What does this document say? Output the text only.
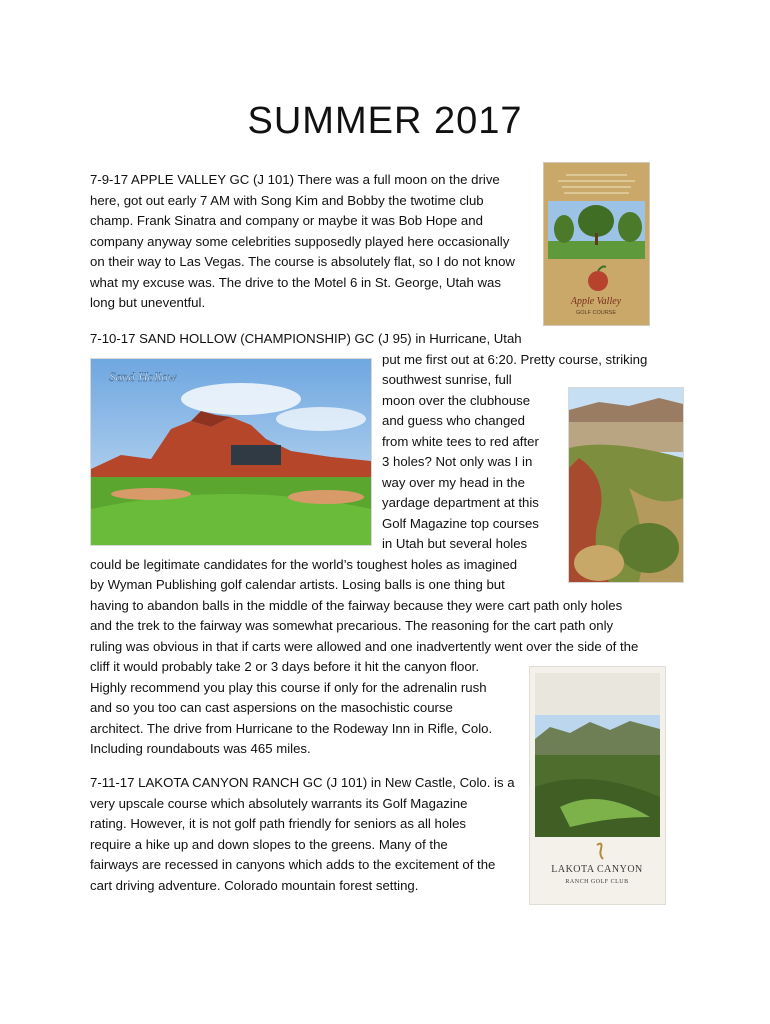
SUMMER 2017
7-9-17 APPLE VALLEY GC (J 101) There was a full moon on the drive
here, got out early 7 AM with Song Kim and Bobby the twotime club
champ. Frank Sinatra and company or maybe it was Bob Hope and
company anyway some celebrities supposedly played here occasionally
on their way to Las Vegas. The course is absolutely flat, so I do not know
what my excuse was. The drive to the Motel 6 in St. George, Utah was
long but uneventful.
7-10-17 SAND HOLLOW (CHAMPIONSHIP) GC (J 95) in Hurricane, Utah
put me first out at 6:20. Pretty course, striking
southwest sunrise, full
moon over the clubhouse
and guess who changed
from white tees to red after
3 holes? Not only was I in
way over my head in the
yardage department at this
Golf Magazine top courses
in Utah but several holes
could be legitimate candidates for the world’s toughest holes as imagined
by Wyman Publishing golf calendar artists. Losing balls is one thing but
having to abandon balls in the middle of the fairway because they were cart path only holes
and the trek to the fairway was somewhat precarious. The reasoning for the cart path only
ruling was obvious in that if carts were allowed and one inadvertently went over the side of the
cliff it would probably take 2 or 3 days before it hit the canyon floor.
Highly recommend you play this course if only for the adrenalin rush
and so you too can cast aspersions on the masochistic course
architect. The drive from Hurricane to the Rodeway Inn in Rifle, Colo.
Including roundabouts was 465 miles.
7-11-17 LAKOTA CANYON RANCH GC (J 101) in New Castle, Colo. is a
very upscale course which absolutely warrants its Golf Magazine
rating. However, it is not golf path friendly for seniors as all holes
require a hike up and down slopes to the greens. Many of the
fairways are recessed in canyons which adds to the excitement of the
cart driving adventure. Colorado mountain forest setting.
Apple Valley
GOLF COURSE
Sand Hollow
LAKOTA CANYON
RANCH GOLF CLUB
